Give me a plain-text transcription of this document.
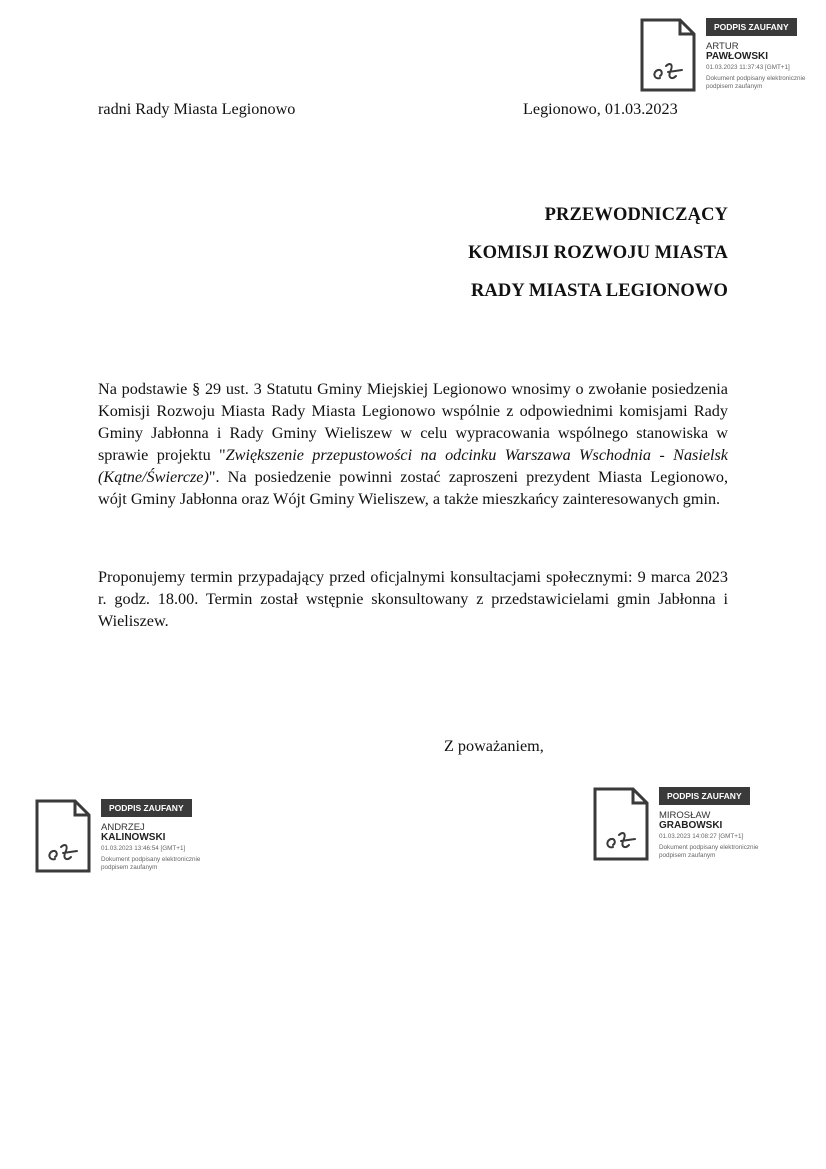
radni Rady Miasta Legionowo	Legionowo, 01.03.2023
PRZEWODNICZĄCY
KOMISJI ROZWOJU MIASTA
RADY MIASTA LEGIONOWO

Na podstawie § 29 ust. 3 Statutu Gminy Miejskiej Legionowo wnosimy o zwołanie posiedzenia Komisji Rozwoju Miasta Rady Miasta Legionowo wspólnie z odpowiednimi komisjami Rady Gminy Jabłonna i Rady Gminy Wieliszew w celu wypracowania wspólnego stanowiska w sprawie projektu "Zwiększenie przepustowości na odcinku Warszawa Wschodnia - Nasielsk (Kątne/Świercze)". Na posiedzenie powinni zostać zaproszeni prezydent Miasta Legionowo, wójt Gminy Jabłonna oraz Wójt Gminy Wieliszew, a także mieszkańcy zainteresowanych gmin.

Proponujemy termin przypadający przed oficjalnymi konsultacjami społecznymi: 9 marca 2023 r. godz. 18.00. Termin został wstępnie skonsultowany z przedstawicielami gmin Jabłonna i Wieliszew.

Z poważaniem,
PODPIS ZAUFANY
ARTUR
PAWŁOWSKI
01.03.2023 11:37:43 [GMT+1]
Dokument podpisany elektronicznie podpisem zaufanym
PODPIS ZAUFANY
ANDRZEJ
KALINOWSKI
01.03.2023 13:46:54 [GMT+1]
Dokument podpisany elektronicznie podpisem zaufanym
PODPIS ZAUFANY
MIROSŁAW
GRABOWSKI
01.03.2023 14:08:27 [GMT+1]
Dokument podpisany elektronicznie podpisem zaufanym
